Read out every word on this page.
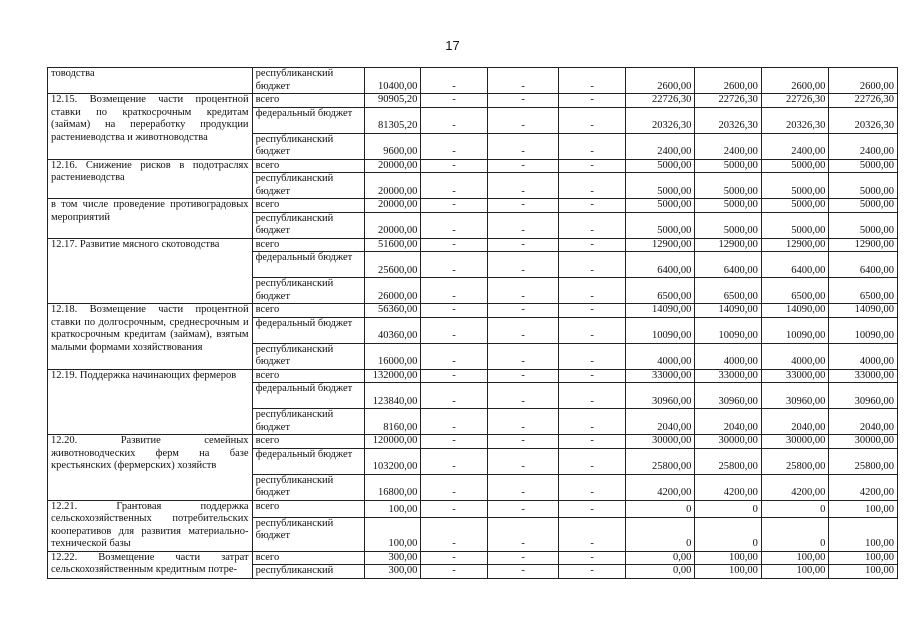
17
товодства	республиканский бюджет	10400,00	-	-	-	2600,00	2600,00	2600,00	2600,00
12.15. Возмещение части процентной ставки по краткосрочным кредитам (займам) на переработку продукции растениеводства и животноводства	всего	90905,20	-	-	-	22726,30	22726,30	22726,30	22726,30
	федеральный бюджет	81305,20	-	-	-	20326,30	20326,30	20326,30	20326,30
	республиканский бюджет	9600,00	-	-	-	2400,00	2400,00	2400,00	2400,00
12.16. Снижение рисков в подотраслях растениеводства	всего	20000,00	-	-	-	5000,00	5000,00	5000,00	5000,00
	республиканский бюджет	20000,00	-	-	-	5000,00	5000,00	5000,00	5000,00
в том числе проведение противоградовых мероприятий	всего	20000,00	-	-	-	5000,00	5000,00	5000,00	5000,00
	республиканский бюджет	20000,00	-	-	-	5000,00	5000,00	5000,00	5000,00
12.17. Развитие мясного скотоводства	всего	51600,00	-	-	-	12900,00	12900,00	12900,00	12900,00
	федеральный бюджет	25600,00	-	-	-	6400,00	6400,00	6400,00	6400,00
	республиканский бюджет	26000,00	-	-	-	6500,00	6500,00	6500,00	6500,00
12.18. Возмещение части процентной ставки по долгосрочным, среднесрочным и краткосрочным кредитам (займам), взятым малыми формами хозяйствования	всего	56360,00	-	-	-	14090,00	14090,00	14090,00	14090,00
	федеральный бюджет	40360,00	-	-	-	10090,00	10090,00	10090,00	10090,00
	республиканский бюджет	16000,00	-	-	-	4000,00	4000,00	4000,00	4000,00
12.19. Поддержка начинающих фермеров	всего	132000,00	-	-	-	33000,00	33000,00	33000,00	33000,00
	федеральный бюджет	123840,00	-	-	-	30960,00	30960,00	30960,00	30960,00
	республиканский бюджет	8160,00	-	-	-	2040,00	2040,00	2040,00	2040,00
12.20. Развитие семейных животноводческих ферм на базе крестьянских (фермерских) хозяйств	всего	120000,00	-	-	-	30000,00	30000,00	30000,00	30000,00
	федеральный бюджет	103200,00	-	-	-	25800,00	25800,00	25800,00	25800,00
	республиканский бюджет	16800,00	-	-	-	4200,00	4200,00	4200,00	4200,00
12.21. Грантовая поддержка сельскохозяйственных потребительских кооперативов для развития материально-технической базы	всего	100,00	-	-	-	0	0	0	100,00
	республиканский бюджет	100,00	-	-	-	0	0	0	100,00
12.22. Возмещение части затрат сельскохозяйственным кредитным потре-	всего	300,00	-	-	-	0,00	100,00	100,00	100,00
	республиканский	300,00	-	-	-	0,00	100,00	100,00	100,00
